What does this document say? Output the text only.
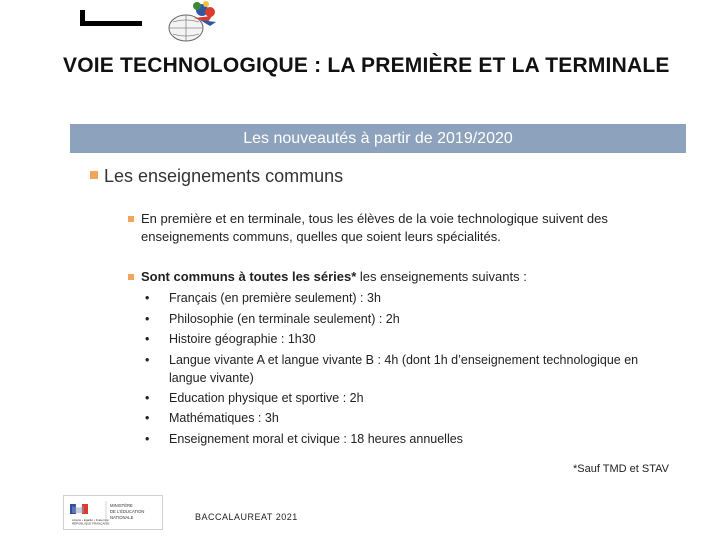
VOIE TECHNOLOGIQUE : LA PREMIÈRE ET LA TERMINALE
Les nouveautés à partir de 2019/2020
Les enseignements communs
En première et en terminale, tous les élèves de la voie technologique suivent des enseignements communs, quelles que soient leurs spécialités.
Sont communs à toutes les séries* les enseignements suivants :
• Français (en première seulement) : 3h
• Philosophie (en terminale seulement) : 2h
• Histoire géographie : 1h30
• Langue vivante A et langue vivante B : 4h (dont 1h d’enseignement technologique en langue vivante)
• Education physique et sportive : 2h
• Mathématiques : 3h
• Enseignement moral et civique : 18 heures annuelles
*Sauf TMD et STAV
Liberté • Égalité • Fraternité
RÉPUBLIQUE FRANÇAISE
MINISTÈRE
DE L'ÉDUCATION
NATIONALE	BACCALAUREAT 2021
